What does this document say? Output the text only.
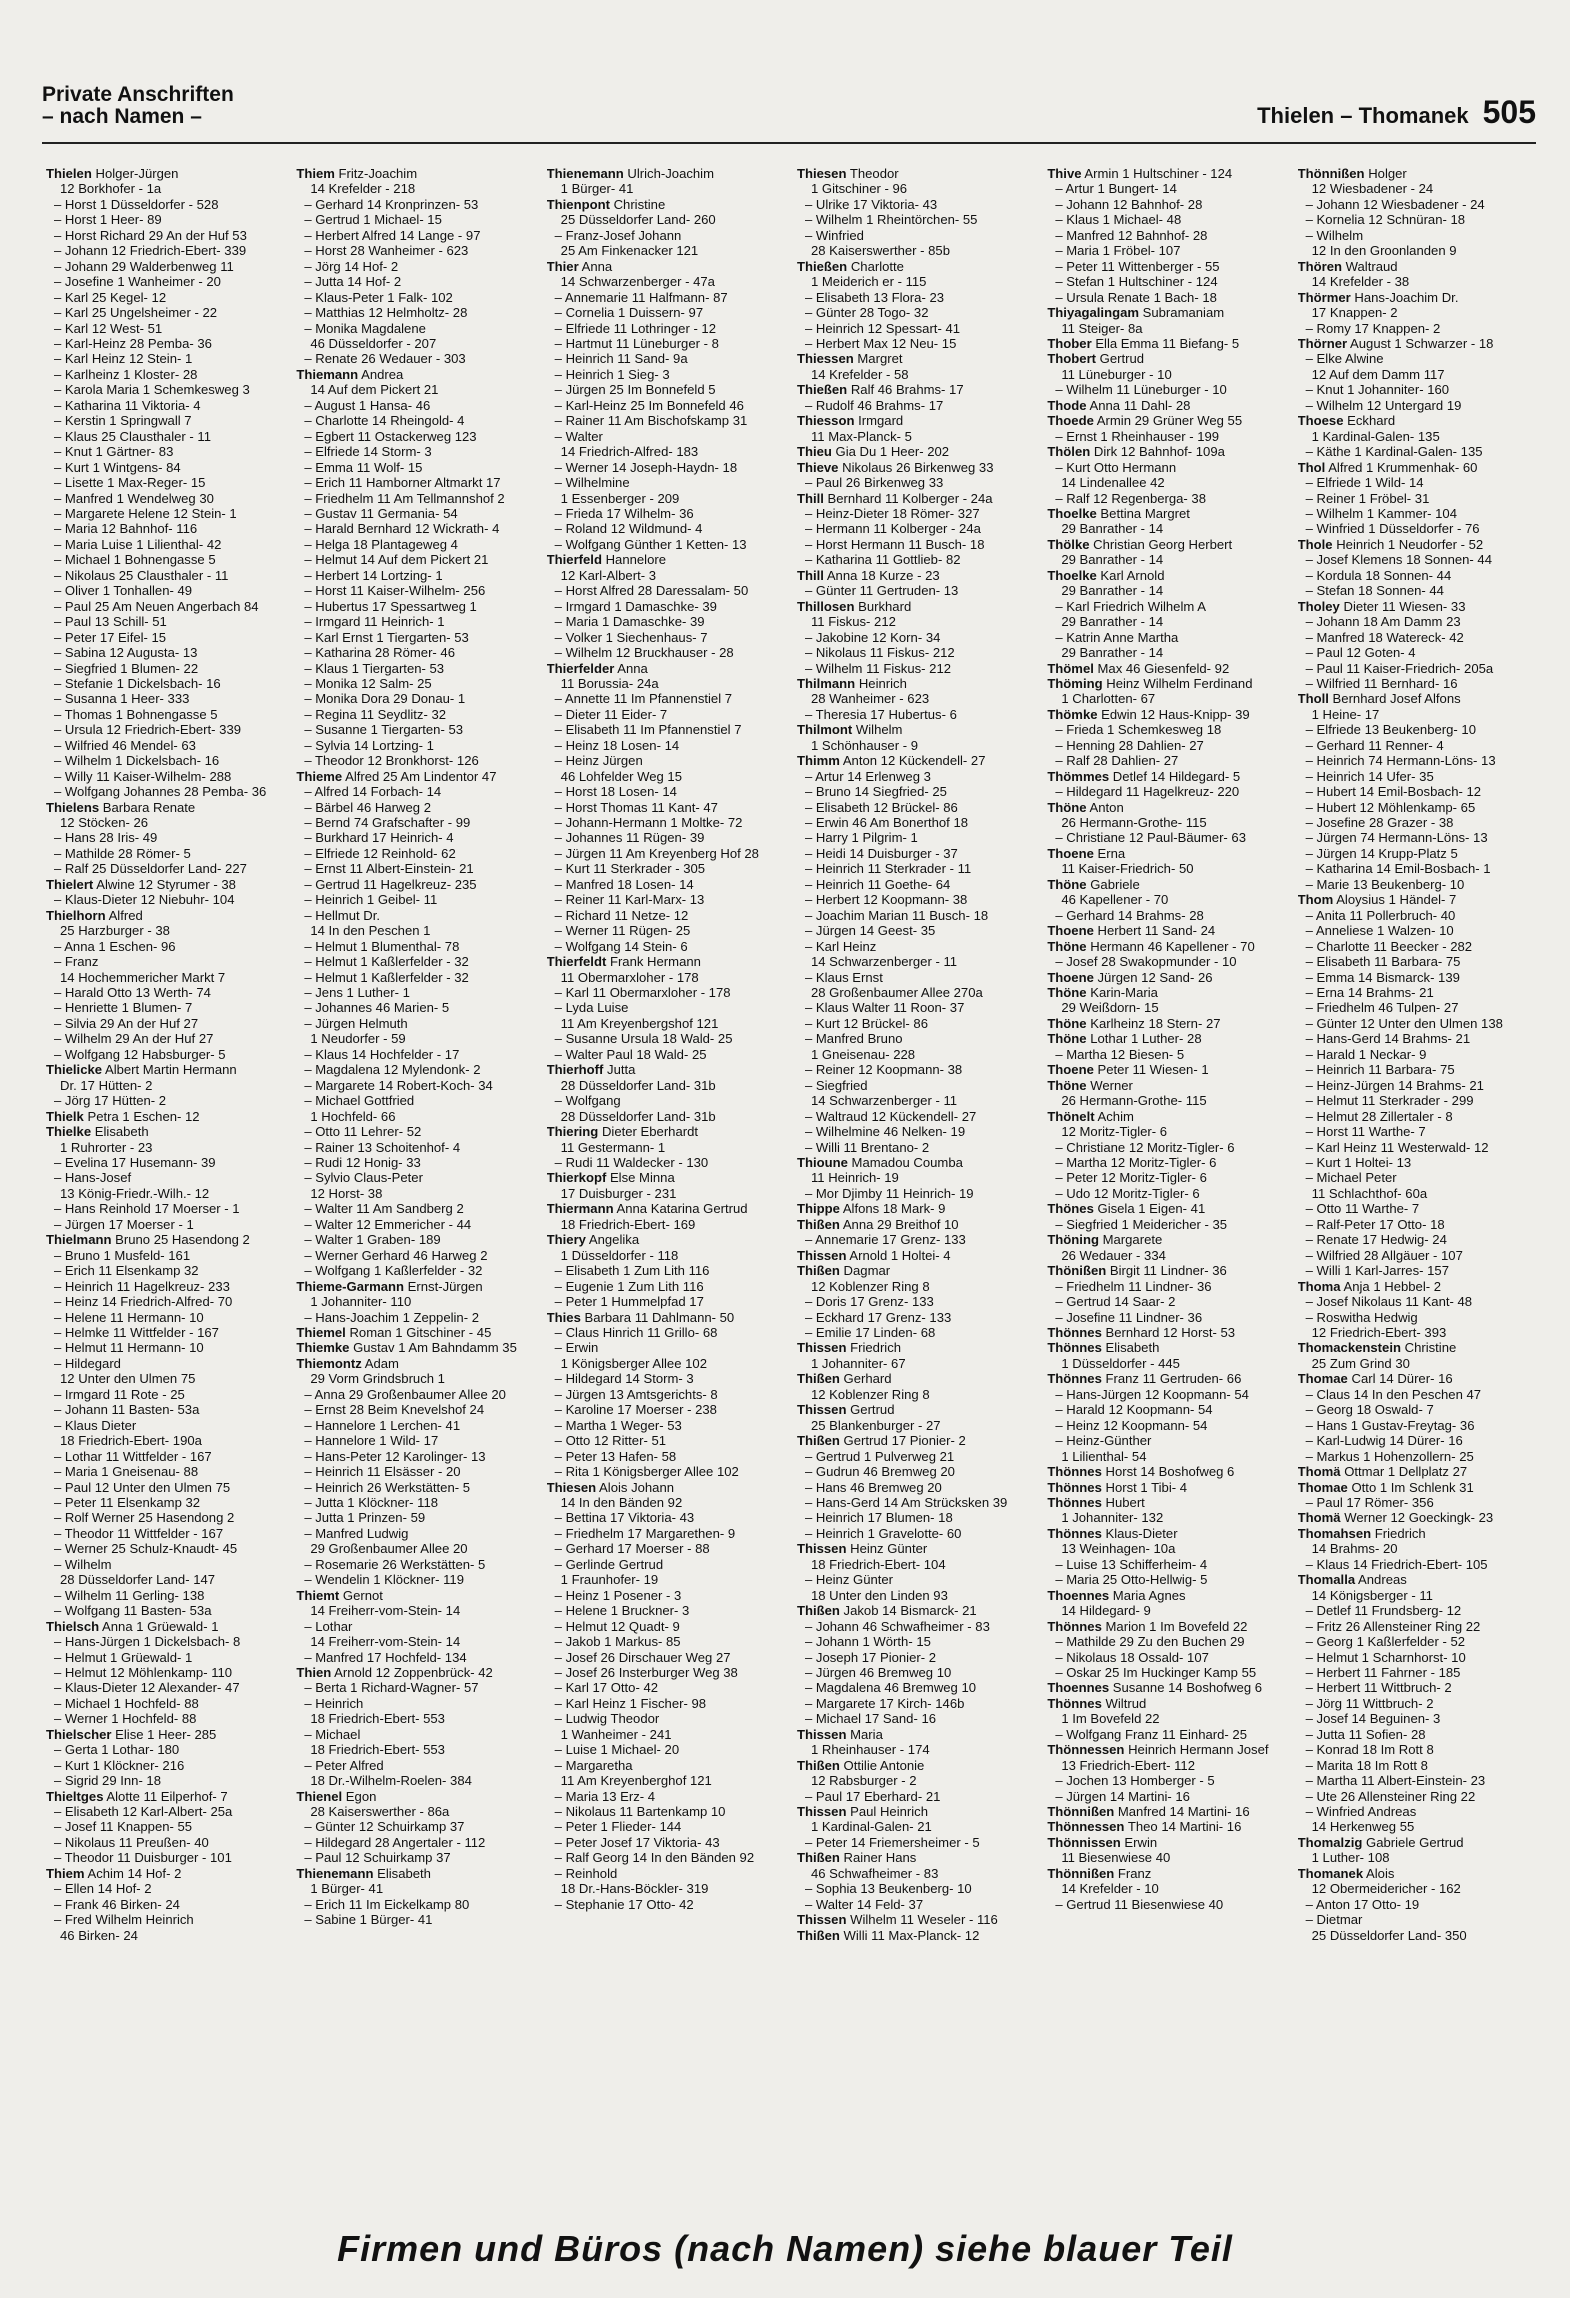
Private Anschriften
– nach Namen –	Thielen – Thomanek 505
Thielen Holger-Jürgen
12 Borkhofer - 1a
– Horst 1 Düsseldorfer - 528
– Horst 1 Heer- 89
– Horst Richard 29 An der Huf 53
– Johann 12 Friedrich-Ebert- 339
– Johann 29 Walderbenweg 11
– Josefine 1 Wanheimer - 20
– Karl 25 Kegel- 12
– Karl 25 Ungelsheimer - 22
– Karl 12 West- 51
– Karl-Heinz 28 Pemba- 36
– Karl Heinz 12 Stein- 1
– Karlheinz 1 Kloster- 28
– Karola Maria 1 Schemkesweg 3
– Katharina 11 Viktoria- 4
– Kerstin 1 Springwall 7
– Klaus 25 Clausthaler - 11
– Knut 1 Gärtner- 83
– Kurt 1 Wintgens- 84
– Lisette 1 Max-Reger- 15
– Manfred 1 Wendelweg 30
– Margarete Helene 12 Stein- 1
– Maria 12 Bahnhof- 116
– Maria Luise 1 Lilienthal- 42
– Michael 1 Bohnengasse 5
– Nikolaus 25 Clausthaler - 11
– Oliver 1 Tonhallen- 49
– Paul 25 Am Neuen Angerbach 84
– Paul 13 Schill- 51
– Peter 17 Eifel- 15
– Sabina 12 Augusta- 13
– Siegfried 1 Blumen- 22
– Stefanie 1 Dickelsbach- 16
– Susanna 1 Heer- 333
– Thomas 1 Bohnengasse 5
– Ursula 12 Friedrich-Ebert- 339
– Wilfried 46 Mendel- 63
– Wilhelm 1 Dickelsbach- 16
– Willy 11 Kaiser-Wilhelm- 288
– Wolfgang Johannes 28 Pemba- 36
Thielens Barbara Renate
12 Stöcken- 26
– Hans 28 Iris- 49
– Mathilde 28 Römer- 5
– Ralf 25 Düsseldorfer Land- 227
Thielert Alwine 12 Styrumer - 38
– Klaus-Dieter 12 Niebuhr- 104
Thielhorn Alfred
25 Harzburger - 38
– Anna 1 Eschen- 96
– Franz
14 Hochemmericher Markt 7
– Harald Otto 13 Werth- 74
– Henriette 1 Blumen- 7
– Silvia 29 An der Huf 27
– Wilhelm 29 An der Huf 27
– Wolfgang 12 Habsburger- 5
Thielicke Albert Martin Hermann
Dr. 17 Hütten- 2
– Jörg 17 Hütten- 2
Thielk Petra 1 Eschen- 12
Thielke Elisabeth
1 Ruhrorter - 23
– Evelina 17 Husemann- 39
– Hans-Josef
13 König-Friedr.-Wilh.- 12
– Hans Reinhold 17 Moerser - 1
– Jürgen 17 Moerser - 1
Thielmann Bruno 25 Hasendong 2
– Bruno 1 Musfeld- 161
– Erich 11 Elsenkamp 32
– Heinrich 11 Hagelkreuz- 233
– Heinz 14 Friedrich-Alfred- 70
– Helene 11 Hermann- 10
– Helmke 11 Wittfelder - 167
– Helmut 11 Hermann- 10
– Hildegard
12 Unter den Ulmen 75
– Irmgard 11 Rote - 25
– Johann 11 Basten- 53a
– Klaus Dieter
18 Friedrich-Ebert- 190a
– Lothar 11 Wittfelder - 167
– Maria 1 Gneisenau- 88
– Paul 12 Unter den Ulmen 75
– Peter 11 Elsenkamp 32
– Rolf Werner 25 Hasendong 2
– Theodor 11 Wittfelder - 167
– Werner 25 Schulz-Knaudt- 45
– Wilhelm
28 Düsseldorfer Land- 147
– Wilhelm 11 Gerling- 138
– Wolfgang 11 Basten- 53a
Thielsch Anna 1 Grüewald- 1
– Hans-Jürgen 1 Dickelsbach- 8
– Helmut 1 Grüewald- 1
– Helmut 12 Möhlenkamp- 110
– Klaus-Dieter 12 Alexander- 47
– Michael 1 Hochfeld- 88
– Werner 1 Hochfeld- 88
Thielscher Elise 1 Heer- 285
– Gerta 1 Lothar- 180
– Kurt 1 Klöckner- 216
– Sigrid 29 Inn- 18
Thieltges Alotte 11 Eilperhof- 7
– Elisabeth 12 Karl-Albert- 25a
– Josef 11 Knappen- 55
– Nikolaus 11 Preußen- 40
– Theodor 11 Duisburger - 101
Thiem Achim 14 Hof- 2
– Ellen 14 Hof- 2
– Frank 46 Birken- 24
– Fred Wilhelm Heinrich
46 Birken- 24
Thiem Fritz-Joachim
14 Krefelder - 218
– Gerhard 14 Kronprinzen- 53
– Gertrud 1 Michael- 15
– Herbert Alfred 14 Lange - 97
– Horst 28 Wanheimer - 623
– Jörg 14 Hof- 2
– Jutta 14 Hof- 2
– Klaus-Peter 1 Falk- 102
– Matthias 12 Helmholtz- 28
– Monika Magdalene
46 Düsseldorfer - 207
– Renate 26 Wedauer - 303
Thiemann Andrea
14 Auf dem Pickert 21
– August 1 Hansa- 46
– Charlotte 14 Rheingold- 4
– Egbert 11 Ostackerweg 123
– Elfriede 14 Storm- 3
– Emma 11 Wolf- 15
– Erich 11 Hamborner Altmarkt 17
– Friedhelm 11 Am Tellmannshof 2
– Gustav 11 Germania- 54
– Harald Bernhard 12 Wickrath- 4
– Helga 18 Plantageweg 4
– Helmut 14 Auf dem Pickert 21
– Herbert 14 Lortzing- 1
– Horst 11 Kaiser-Wilhelm- 256
– Hubertus 17 Spessartweg 1
– Irmgard 11 Heinrich- 1
– Karl Ernst 1 Tiergarten- 53
– Katharina 28 Römer- 46
– Klaus 1 Tiergarten- 53
– Monika 12 Salm- 25
– Monika Dora 29 Donau- 1
– Regina 11 Seydlitz- 32
– Susanne 1 Tiergarten- 53
– Sylvia 14 Lortzing- 1
– Theodor 12 Bronkhorst- 126
Thieme Alfred 25 Am Lindentor 47
– Alfred 14 Forbach- 14
– Bärbel 46 Harweg 2
– Bernd 74 Grafschafter - 99
– Burkhard 17 Heinrich- 4
– Elfriede 12 Reinhold- 62
– Ernst 11 Albert-Einstein- 21
– Gertrud 11 Hagelkreuz- 235
– Heinrich 1 Geibel- 11
– Hellmut Dr.
14 In den Peschen 1
– Helmut 1 Blumenthal- 78
– Helmut 1 Kaßlerfelder - 32
– Helmut 1 Kaßlerfelder - 32
– Jens 1 Luther- 1
– Johannes 46 Marien- 5
– Jürgen Helmuth
1 Neudorfer - 59
– Klaus 14 Hochfelder - 17
– Magdalena 12 Mylendonk- 2
– Margarete 14 Robert-Koch- 34
– Michael Gottfried
1 Hochfeld- 66
– Otto 11 Lehrer- 52
– Rainer 13 Schoitenhof- 4
– Rudi 12 Honig- 33
– Sylvio Claus-Peter
12 Horst- 38
– Walter 11 Am Sandberg 2
– Walter 12 Emmericher - 44
– Walter 1 Graben- 189
– Werner Gerhard 46 Harweg 2
– Wolfgang 1 Kaßlerfelder - 32
Thieme-Garmann Ernst-Jürgen
1 Johanniter- 110
– Hans-Joachim 1 Zeppelin- 2
Thiemel Roman 1 Gitschiner - 45
Thiemke Gustav 1 Am Bahndamm 35
Thiemontz Adam
29 Vorm Grindsbruch 1
– Anna 29 Großenbaumer Allee 20
– Ernst 28 Beim Knevelshof 24
– Hannelore 1 Lerchen- 41
– Hannelore 1 Wild- 17
– Hans-Peter 12 Karolinger- 13
– Heinrich 11 Elsässer - 20
– Heinrich 26 Werkstätten- 5
– Jutta 1 Klöckner- 118
– Jutta 1 Prinzen- 59
– Manfred Ludwig
29 Großenbaumer Allee 20
– Rosemarie 26 Werkstätten- 5
– Wendelin 1 Klöckner- 119
Thiemt Gernot
14 Freiherr-vom-Stein- 14
– Lothar
14 Freiherr-vom-Stein- 14
– Manfred 17 Hochfeld- 134
Thien Arnold 12 Zoppenbrück- 42
– Berta 1 Richard-Wagner- 57
– Heinrich
18 Friedrich-Ebert- 553
– Michael
18 Friedrich-Ebert- 553
– Peter Alfred
18 Dr.-Wilhelm-Roelen- 384
Thienel Egon
28 Kaiserswerther - 86a
– Günter 12 Schuirkamp 37
– Hildegard 28 Angertaler - 112
– Paul 12 Schuirkamp 37
Thienemann Elisabeth
1 Bürger- 41
– Erich 11 Im Eickelkamp 80
– Sabine 1 Bürger- 41
Thienemann Ulrich-Joachim
1 Bürger- 41
Thienpont Christine
25 Düsseldorfer Land- 260
– Franz-Josef Johann
25 Am Finkenacker 121
Thier Anna
14 Schwarzenberger - 47a
– Annemarie 11 Halfmann- 87
– Cornelia 1 Duissern- 97
– Elfriede 11 Lothringer - 12
– Hartmut 11 Lüneburger - 8
– Heinrich 11 Sand- 9a
– Heinrich 1 Sieg- 3
– Jürgen 25 Im Bonnefeld 5
– Karl-Heinz 25 Im Bonnefeld 46
– Rainer 11 Am Bischofskamp 31
– Walter
14 Friedrich-Alfred- 183
– Werner 14 Joseph-Haydn- 18
– Wilhelmine
1 Essenberger - 209
– Frieda 17 Wilhelm- 36
– Roland 12 Wildmund- 4
– Wolfgang Günther 1 Ketten- 13
Thierfeld Hannelore
12 Karl-Albert- 3
– Horst Alfred 28 Daressalam- 50
– Irmgard 1 Damaschke- 39
– Maria 1 Damaschke- 39
– Volker 1 Siechenhaus- 7
– Wilhelm 12 Bruckhauser - 28
Thierfelder Anna
11 Borussia- 24a
– Annette 11 Im Pfannenstiel 7
– Dieter 11 Eider- 7
– Elisabeth 11 Im Pfannenstiel 7
– Heinz 18 Losen- 14
– Heinz Jürgen
46 Lohfelder Weg 15
– Horst 18 Losen- 14
– Horst Thomas 11 Kant- 47
– Johann-Hermann 1 Moltke- 72
– Johannes 11 Rügen- 39
– Jürgen 11 Am Kreyenberg Hof 28
– Kurt 11 Sterkrader - 305
– Manfred 18 Losen- 14
– Reiner 11 Karl-Marx- 13
– Richard 11 Netze- 12
– Werner 11 Rügen- 25
– Wolfgang 14 Stein- 6
Thierfeldt Frank Hermann
11 Obermarxloher - 178
– Karl 11 Obermarxloher - 178
– Lyda Luise
11 Am Kreyenbergshof 121
– Susanne Ursula 18 Wald- 25
– Walter Paul 18 Wald- 25
Thierhoff Jutta
28 Düsseldorfer Land- 31b
– Wolfgang
28 Düsseldorfer Land- 31b
Thiering Dieter Eberhardt
11 Gestermann- 1
– Rudi 11 Waldecker - 130
Thierkopf Else Minna
17 Duisburger - 231
Thiermann Anna Katarina Gertrud
18 Friedrich-Ebert- 169
Thiery Angelika
1 Düsseldorfer - 118
– Elisabeth 1 Zum Lith 116
– Eugenie 1 Zum Lith 116
– Peter 1 Hummelpfad 17
Thies Barbara 11 Dahlmann- 50
– Claus Hinrich 11 Grillo- 68
– Erwin
1 Königsberger Allee 102
– Hildegard 14 Storm- 3
– Jürgen 13 Amtsgerichts- 8
– Karoline 17 Moerser - 238
– Martha 1 Weger- 53
– Otto 12 Ritter- 51
– Peter 13 Hafen- 58
– Rita 1 Königsberger Allee 102
Thiesen Alois Johann
14 In den Bänden 92
– Bettina 17 Viktoria- 43
– Friedhelm 17 Margarethen- 9
– Gerhard 17 Moerser - 88
– Gerlinde Gertrud
1 Fraunhofer- 19
– Heinz 1 Posener - 3
– Helene 1 Bruckner- 3
– Helmut 12 Quadt- 9
– Jakob 1 Markus- 85
– Josef 26 Dirschauer Weg 27
– Josef 26 Insterburger Weg 38
– Karl 17 Otto- 42
– Karl Heinz 1 Fischer- 98
– Ludwig Theodor
1 Wanheimer - 241
– Luise 1 Michael- 20
– Margaretha
11 Am Kreyenberghof 121
– Maria 13 Erz- 4
– Nikolaus 11 Bartenkamp 10
– Peter 1 Flieder- 144
– Peter Josef 17 Viktoria- 43
– Ralf Georg 14 In den Bänden 92
– Reinhold
18 Dr.-Hans-Böckler- 319
– Stephanie 17 Otto- 42
Thiesen Theodor
1 Gitschiner - 96
– Ulrike 17 Viktoria- 43
– Wilhelm 1 Rheintörchen- 55
– Winfried
28 Kaiserswerther - 85b
Thießen Charlotte
1 Meiderich er - 115
– Elisabeth 13 Flora- 23
– Günter 28 Togo- 32
– Heinrich 12 Spessart- 41
– Herbert Max 12 Neu- 15
Thiessen Margret
14 Krefelder - 58
Thießen Ralf 46 Brahms- 17
– Rudolf 46 Brahms- 17
Thiesson Irmgard
11 Max-Planck- 5
Thieu Gia Du 1 Heer- 202
Thieve Nikolaus 26 Birkenweg 33
– Paul 26 Birkenweg 33
Thill Bernhard 11 Kolberger - 24a
– Heinz-Dieter 18 Römer- 327
– Hermann 11 Kolberger - 24a
– Horst Hermann 11 Busch- 18
– Katharina 11 Gottlieb- 82
Thill Anna 18 Kurze - 23
– Günter 11 Gertruden- 13
Thillosen Burkhard
11 Fiskus- 212
– Jakobine 12 Korn- 34
– Nikolaus 11 Fiskus- 212
– Wilhelm 11 Fiskus- 212
Thilmann Heinrich
28 Wanheimer - 623
– Theresia 17 Hubertus- 6
Thilmont Wilhelm
1 Schönhauser - 9
Thimm Anton 12 Kückendell- 27
– Artur 14 Erlenweg 3
– Bruno 14 Siegfried- 25
– Elisabeth 12 Brückel- 86
– Erwin 46 Am Bonerthof 18
– Harry 1 Pilgrim- 1
– Heidi 14 Duisburger - 37
– Heinrich 11 Sterkrader - 11
– Heinrich 11 Goethe- 64
– Herbert 12 Koopmann- 38
– Joachim Marian 11 Busch- 18
– Jürgen 14 Geest- 35
– Karl Heinz
14 Schwarzenberger - 11
– Klaus Ernst
28 Großenbaumer Allee 270a
– Klaus Walter 11 Roon- 37
– Kurt 12 Brückel- 86
– Manfred Bruno
1 Gneisenau- 228
– Reiner 12 Koopmann- 38
– Siegfried
14 Schwarzenberger - 11
– Waltraud 12 Kückendell- 27
– Wilhelmine 46 Nelken- 19
– Willi 11 Brentano- 2
Thioune Mamadou Coumba
11 Heinrich- 19
– Mor Djimby 11 Heinrich- 19
Thippe Alfons 18 Mark- 9
Thißen Anna 29 Breithof 10
– Annemarie 17 Grenz- 133
Thissen Arnold 1 Holtei- 4
Thißen Dagmar
12 Koblenzer Ring 8
– Doris 17 Grenz- 133
– Eckhard 17 Grenz- 133
– Emilie 17 Linden- 68
Thissen Friedrich
1 Johanniter- 67
Thißen Gerhard
12 Koblenzer Ring 8
Thissen Gertrud
25 Blankenburger - 27
Thißen Gertrud 17 Pionier- 2
– Gertrud 1 Pulverweg 21
– Gudrun 46 Bremweg 20
– Hans 46 Bremweg 20
– Hans-Gerd 14 Am Strücksken 39
– Heinrich 17 Blumen- 18
– Heinrich 1 Gravelotte- 60
Thissen Heinz Günter
18 Friedrich-Ebert- 104
– Heinz Günter
18 Unter den Linden 93
Thißen Jakob 14 Bismarck- 21
– Johann 46 Schwafheimer - 83
– Johann 1 Wörth- 15
– Joseph 17 Pionier- 2
– Jürgen 46 Bremweg 10
– Magdalena 46 Bremweg 10
– Margarete 17 Kirch- 146b
– Michael 17 Sand- 16
Thissen Maria
1 Rheinhauser - 174
Thißen Ottilie Antonie
12 Rabsburger - 2
– Paul 17 Eberhard- 21
Thissen Paul Heinrich
1 Kardinal-Galen- 21
– Peter 14 Friemersheimer - 5
Thißen Rainer Hans
46 Schwafheimer - 83
– Sophia 13 Beukenberg- 10
– Walter 14 Feld- 37
Thissen Wilhelm 11 Weseler - 116
Thißen Willi 11 Max-Planck- 12
Thive Armin 1 Hultschiner - 124
– Artur 1 Bungert- 14
– Johann 12 Bahnhof- 28
– Klaus 1 Michael- 48
– Manfred 12 Bahnhof- 28
– Maria 1 Fröbel- 107
– Peter 11 Wittenberger - 55
– Stefan 1 Hultschiner - 124
– Ursula Renate 1 Bach- 18
Thiyagalingam Subramaniam
11 Steiger- 8a
Thober Ella Emma 11 Biefang- 5
Thobert Gertrud
11 Lüneburger - 10
– Wilhelm 11 Lüneburger - 10
Thode Anna 11 Dahl- 28
Thoede Armin 29 Grüner Weg 55
– Ernst 1 Rheinhauser - 199
Thölen Dirk 12 Bahnhof- 109a
– Kurt Otto Hermann
14 Lindenallee 42
– Ralf 12 Regenberga- 38
Thoelke Bettina Margret
29 Banrather - 14
Thölke Christian Georg Herbert
29 Banrather - 14
Thoelke Karl Arnold
29 Banrather - 14
– Karl Friedrich Wilhelm A
29 Banrather - 14
– Katrin Anne Martha
29 Banrather - 14
Thömel Max 46 Giesenfeld- 92
Thöming Heinz Wilhelm Ferdinand
1 Charlotten- 67
Thömke Edwin 12 Haus-Knipp- 39
– Frieda 1 Schemkesweg 18
– Henning 28 Dahlien- 27
– Ralf 28 Dahlien- 27
Thömmes Detlef 14 Hildegard- 5
– Hildegard 11 Hagelkreuz- 220
Thöne Anton
26 Hermann-Grothe- 115
– Christiane 12 Paul-Bäumer- 63
Thoene Erna
11 Kaiser-Friedrich- 50
Thöne Gabriele
46 Kapellener - 70
– Gerhard 14 Brahms- 28
Thoene Herbert 11 Sand- 24
Thöne Hermann 46 Kapellener - 70
– Josef 28 Swakopmunder - 10
Thoene Jürgen 12 Sand- 26
Thöne Karin-Maria
29 Weißdorn- 15
Thöne Karlheinz 18 Stern- 27
Thöne Lothar 1 Luther- 28
– Martha 12 Biesen- 5
Thoene Peter 11 Wiesen- 1
Thöne Werner
26 Hermann-Grothe- 115
Thönelt Achim
12 Moritz-Tigler- 6
– Christiane 12 Moritz-Tigler- 6
– Martha 12 Moritz-Tigler- 6
– Peter 12 Moritz-Tigler- 6
– Udo 12 Moritz-Tigler- 6
Thönes Gisela 1 Eigen- 41
– Siegfried 1 Meidericher - 35
Thöning Margarete
26 Wedauer - 334
Thönißen Birgit 11 Lindner- 36
– Friedhelm 11 Lindner- 36
– Gertrud 14 Saar- 2
– Josefine 11 Lindner- 36
Thönnes Bernhard 12 Horst- 53
Thönnes Elisabeth
1 Düsseldorfer - 445
Thönnes Franz 11 Gertruden- 66
– Hans-Jürgen 12 Koopmann- 54
– Harald 12 Koopmann- 54
– Heinz 12 Koopmann- 54
– Heinz-Günther
1 Lilienthal- 54
Thönnes Horst 14 Boshofweg 6
Thönnes Horst 1 Tibi- 4
Thönnes Hubert
1 Johanniter- 132
Thönnes Klaus-Dieter
13 Weinhagen- 10a
– Luise 13 Schifferheim- 4
– Maria 25 Otto-Hellwig- 5
Thoennes Maria Agnes
14 Hildegard- 9
Thönnes Marion 1 Im Bovefeld 22
– Mathilde 29 Zu den Buchen 29
– Nikolaus 18 Ossald- 107
– Oskar 25 Im Huckinger Kamp 55
Thoennes Susanne 14 Boshofweg 6
Thönnes Wiltrud
1 Im Bovefeld 22
– Wolfgang Franz 11 Einhard- 25
Thönnessen Heinrich Hermann Josef
13 Friedrich-Ebert- 112
– Jochen 13 Homberger - 5
– Jürgen 14 Martini- 16
Thönnißen Manfred 14 Martini- 16
Thönnessen Theo 14 Martini- 16
Thönnissen Erwin
11 Biesenwiese 40
Thönnißen Franz
14 Krefelder - 10
– Gertrud 11 Biesenwiese 40
Thönnißen Holger
12 Wiesbadener - 24
– Johann 12 Wiesbadener - 24
– Kornelia 12 Schnüran- 18
– Wilhelm
12 In den Groonlanden 9
Thören Waltraud
14 Krefelder - 38
Thörmer Hans-Joachim Dr.
17 Knappen- 2
– Romy 17 Knappen- 2
Thörner August 1 Schwarzer - 18
– Elke Alwine
12 Auf dem Damm 117
– Knut 1 Johanniter- 160
– Wilhelm 12 Untergard 19
Thoese Eckhard
1 Kardinal-Galen- 135
– Käthe 1 Kardinal-Galen- 135
Thol Alfred 1 Krummenhak- 60
– Elfriede 1 Wild- 14
– Reiner 1 Fröbel- 31
– Wilhelm 1 Kammer- 104
– Winfried 1 Düsseldorfer - 76
Thole Heinrich 1 Neudorfer - 52
– Josef Klemens 18 Sonnen- 44
– Kordula 18 Sonnen- 44
– Stefan 18 Sonnen- 44
Tholey Dieter 11 Wiesen- 33
– Johann 18 Am Damm 23
– Manfred 18 Watereck- 42
– Paul 12 Goten- 4
– Paul 11 Kaiser-Friedrich- 205a
– Wilfried 11 Bernhard- 16
Tholl Bernhard Josef Alfons
1 Heine- 17
– Elfriede 13 Beukenberg- 10
– Gerhard 11 Renner- 4
– Heinrich 74 Hermann-Löns- 13
– Heinrich 14 Ufer- 35
– Hubert 14 Emil-Bosbach- 12
– Hubert 12 Möhlenkamp- 65
– Josefine 28 Grazer - 38
– Jürgen 74 Hermann-Löns- 13
– Jürgen 14 Krupp-Platz 5
– Katharina 14 Emil-Bosbach- 1
– Marie 13 Beukenberg- 10
Thom Aloysius 1 Händel- 7
– Anita 11 Pollerbruch- 40
– Anneliese 1 Walzen- 10
– Charlotte 11 Beecker - 282
– Elisabeth 11 Barbara- 75
– Emma 14 Bismarck- 139
– Erna 14 Brahms- 21
– Friedhelm 46 Tulpen- 27
– Günter 12 Unter den Ulmen 138
– Hans-Gerd 14 Brahms- 21
– Harald 1 Neckar- 9
– Heinrich 11 Barbara- 75
– Heinz-Jürgen 14 Brahms- 21
– Helmut 11 Sterkrader - 299
– Helmut 28 Zillertaler - 8
– Horst 11 Warthe- 7
– Karl Heinz 11 Westerwald- 12
– Kurt 1 Holtei- 13
– Michael Peter
11 Schlachthof- 60a
– Otto 11 Warthe- 7
– Ralf-Peter 17 Otto- 18
– Renate 17 Hedwig- 24
– Wilfried 28 Allgäuer - 107
– Willi 1 Karl-Jarres- 157
Thoma Anja 1 Hebbel- 2
– Josef Nikolaus 11 Kant- 48
– Roswitha Hedwig
12 Friedrich-Ebert- 393
Thomackenstein Christine
25 Zum Grind 30
Thomae Carl 14 Dürer- 16
– Claus 14 In den Peschen 47
– Georg 18 Oswald- 7
– Hans 1 Gustav-Freytag- 36
– Karl-Ludwig 14 Dürer- 16
– Markus 1 Hohenzollern- 25
Thomä Ottmar 1 Dellplatz 27
Thomae Otto 1 Im Schlenk 31
– Paul 17 Römer- 356
Thomä Werner 12 Goeckingk- 23
Thomahsen Friedrich
14 Brahms- 20
– Klaus 14 Friedrich-Ebert- 105
Thomalla Andreas
14 Königsberger - 11
– Detlef 11 Frundsberg- 12
– Fritz 26 Allensteiner Ring 22
– Georg 1 Kaßlerfelder - 52
– Helmut 1 Scharnhorst- 10
– Herbert 11 Fahrner - 185
– Herbert 11 Wittbruch- 2
– Jörg 11 Wittbruch- 2
– Josef 14 Beguinen- 3
– Jutta 11 Sofien- 28
– Konrad 18 Im Rott 8
– Marita 18 Im Rott 8
– Martha 11 Albert-Einstein- 23
– Ute 26 Allensteiner Ring 22
– Winfried Andreas
14 Herkenweg 55
Thomalzig Gabriele Gertrud
1 Luther- 108
Thomanek Alois
12 Obermeidericher - 162
– Anton 17 Otto- 19
– Dietmar
25 Düsseldorfer Land- 350
Firmen und Büros (nach Namen) siehe blauer Teil
